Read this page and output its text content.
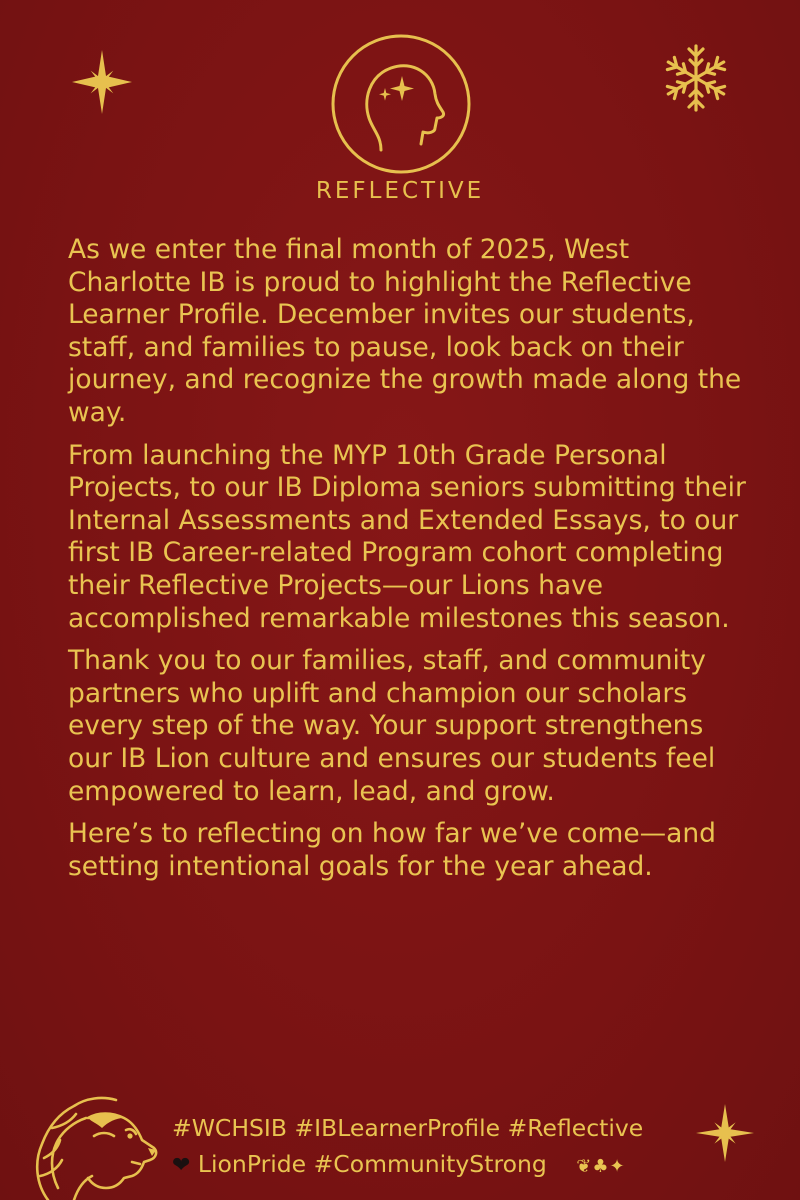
REFLECTIVE

As we enter the final month of 2025, West Charlotte IB is proud to highlight the Reflective Learner Profile. December invites our students, staff, and families to pause, look back on their journey, and recognize the growth made along the way.

From launching the MYP 10th Grade Personal Projects, to our IB Diploma seniors submitting their Internal Assessments and Extended Essays, to our first IB Career-related Program cohort completing their Reflective Projects—our Lions have accomplished remarkable milestones this season.

Thank you to our families, staff, and community partners who uplift and champion our scholars every step of the way. Your support strengthens our IB Lion culture and ensures our students feel empowered to learn, lead, and grow.

Here’s to reflecting on how far we’ve come—and setting intentional goals for the year ahead.

#WCHSIB #IBLearnerProfile #Reflective
❤ LionPride #CommunityStrong ❦♣✦
